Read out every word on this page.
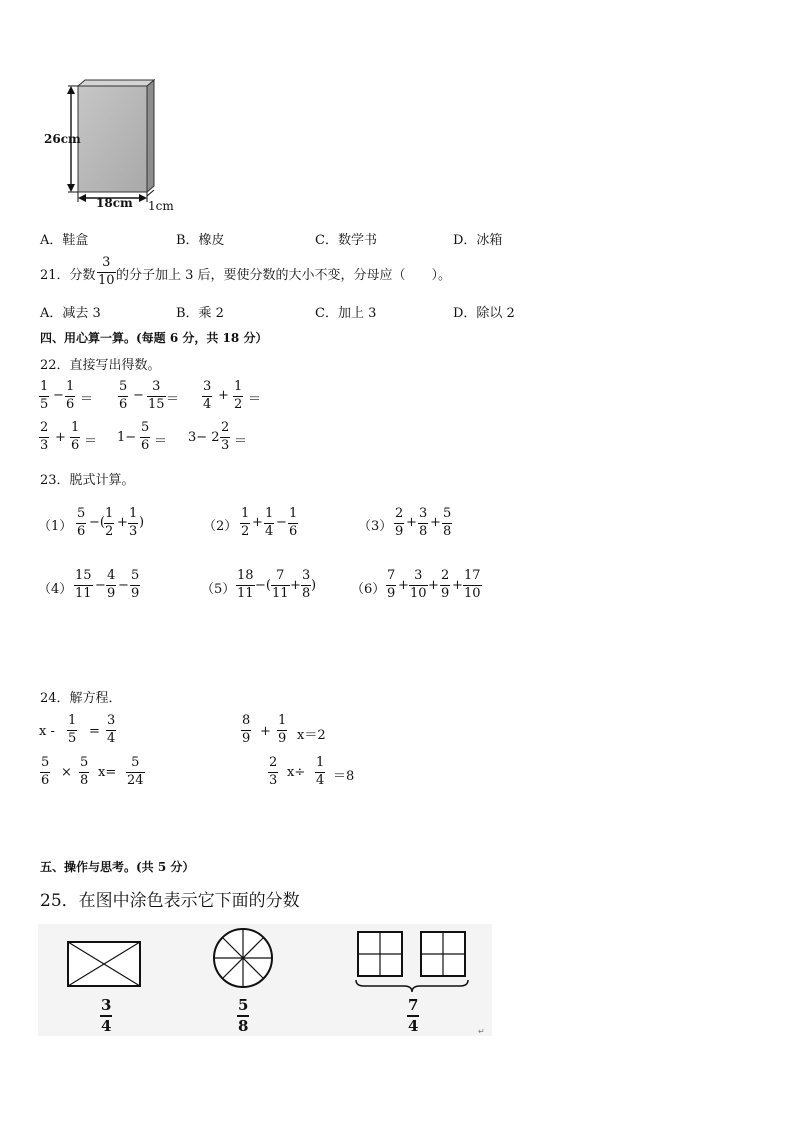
26cm
18cm 1cm
A．鞋盒	B．橡皮	C．数学书	D．冰箱
21．分数
3
10 的分子加上 3 后，要使分数的大小不变，分母应（　　）。
A．减去 3	B．乘 2	C．加上 3	D．除以 2
四、用心算一算。(每题 6 分，共 18 分）
22．直接写出得数。
1
5
−
1
6 ＝
5
6
−
3
15 ＝
3
4
+
1
2 ＝
2
3
+
1
6 ＝ 1−
5
6 ＝ 3− 2
2
3 ＝
23．脱式计算。
（1）
5
6
−(
1
2
+
1
3
)	（2）
1
2
+
1
4
−
1
6	（3）
2
9
+
3
8
+
5
8
（4）
15
11
−
4
9
−
5
9	（5）
18
11
−(
7
11
+
3
8
)	（6）
7
9
+
3
10
+
2
9
+
17
10
24．解方程．
x -
1
5 =
3
4
8
9 +
1
9 x＝2
5
6
×
5
8
x=
5
24
2
3
x÷
1
4 ＝8
五、操作与思考。(共 5 分）
25．在图中涂色表示它下面的分数
↵
3
4
5
8
7
4
